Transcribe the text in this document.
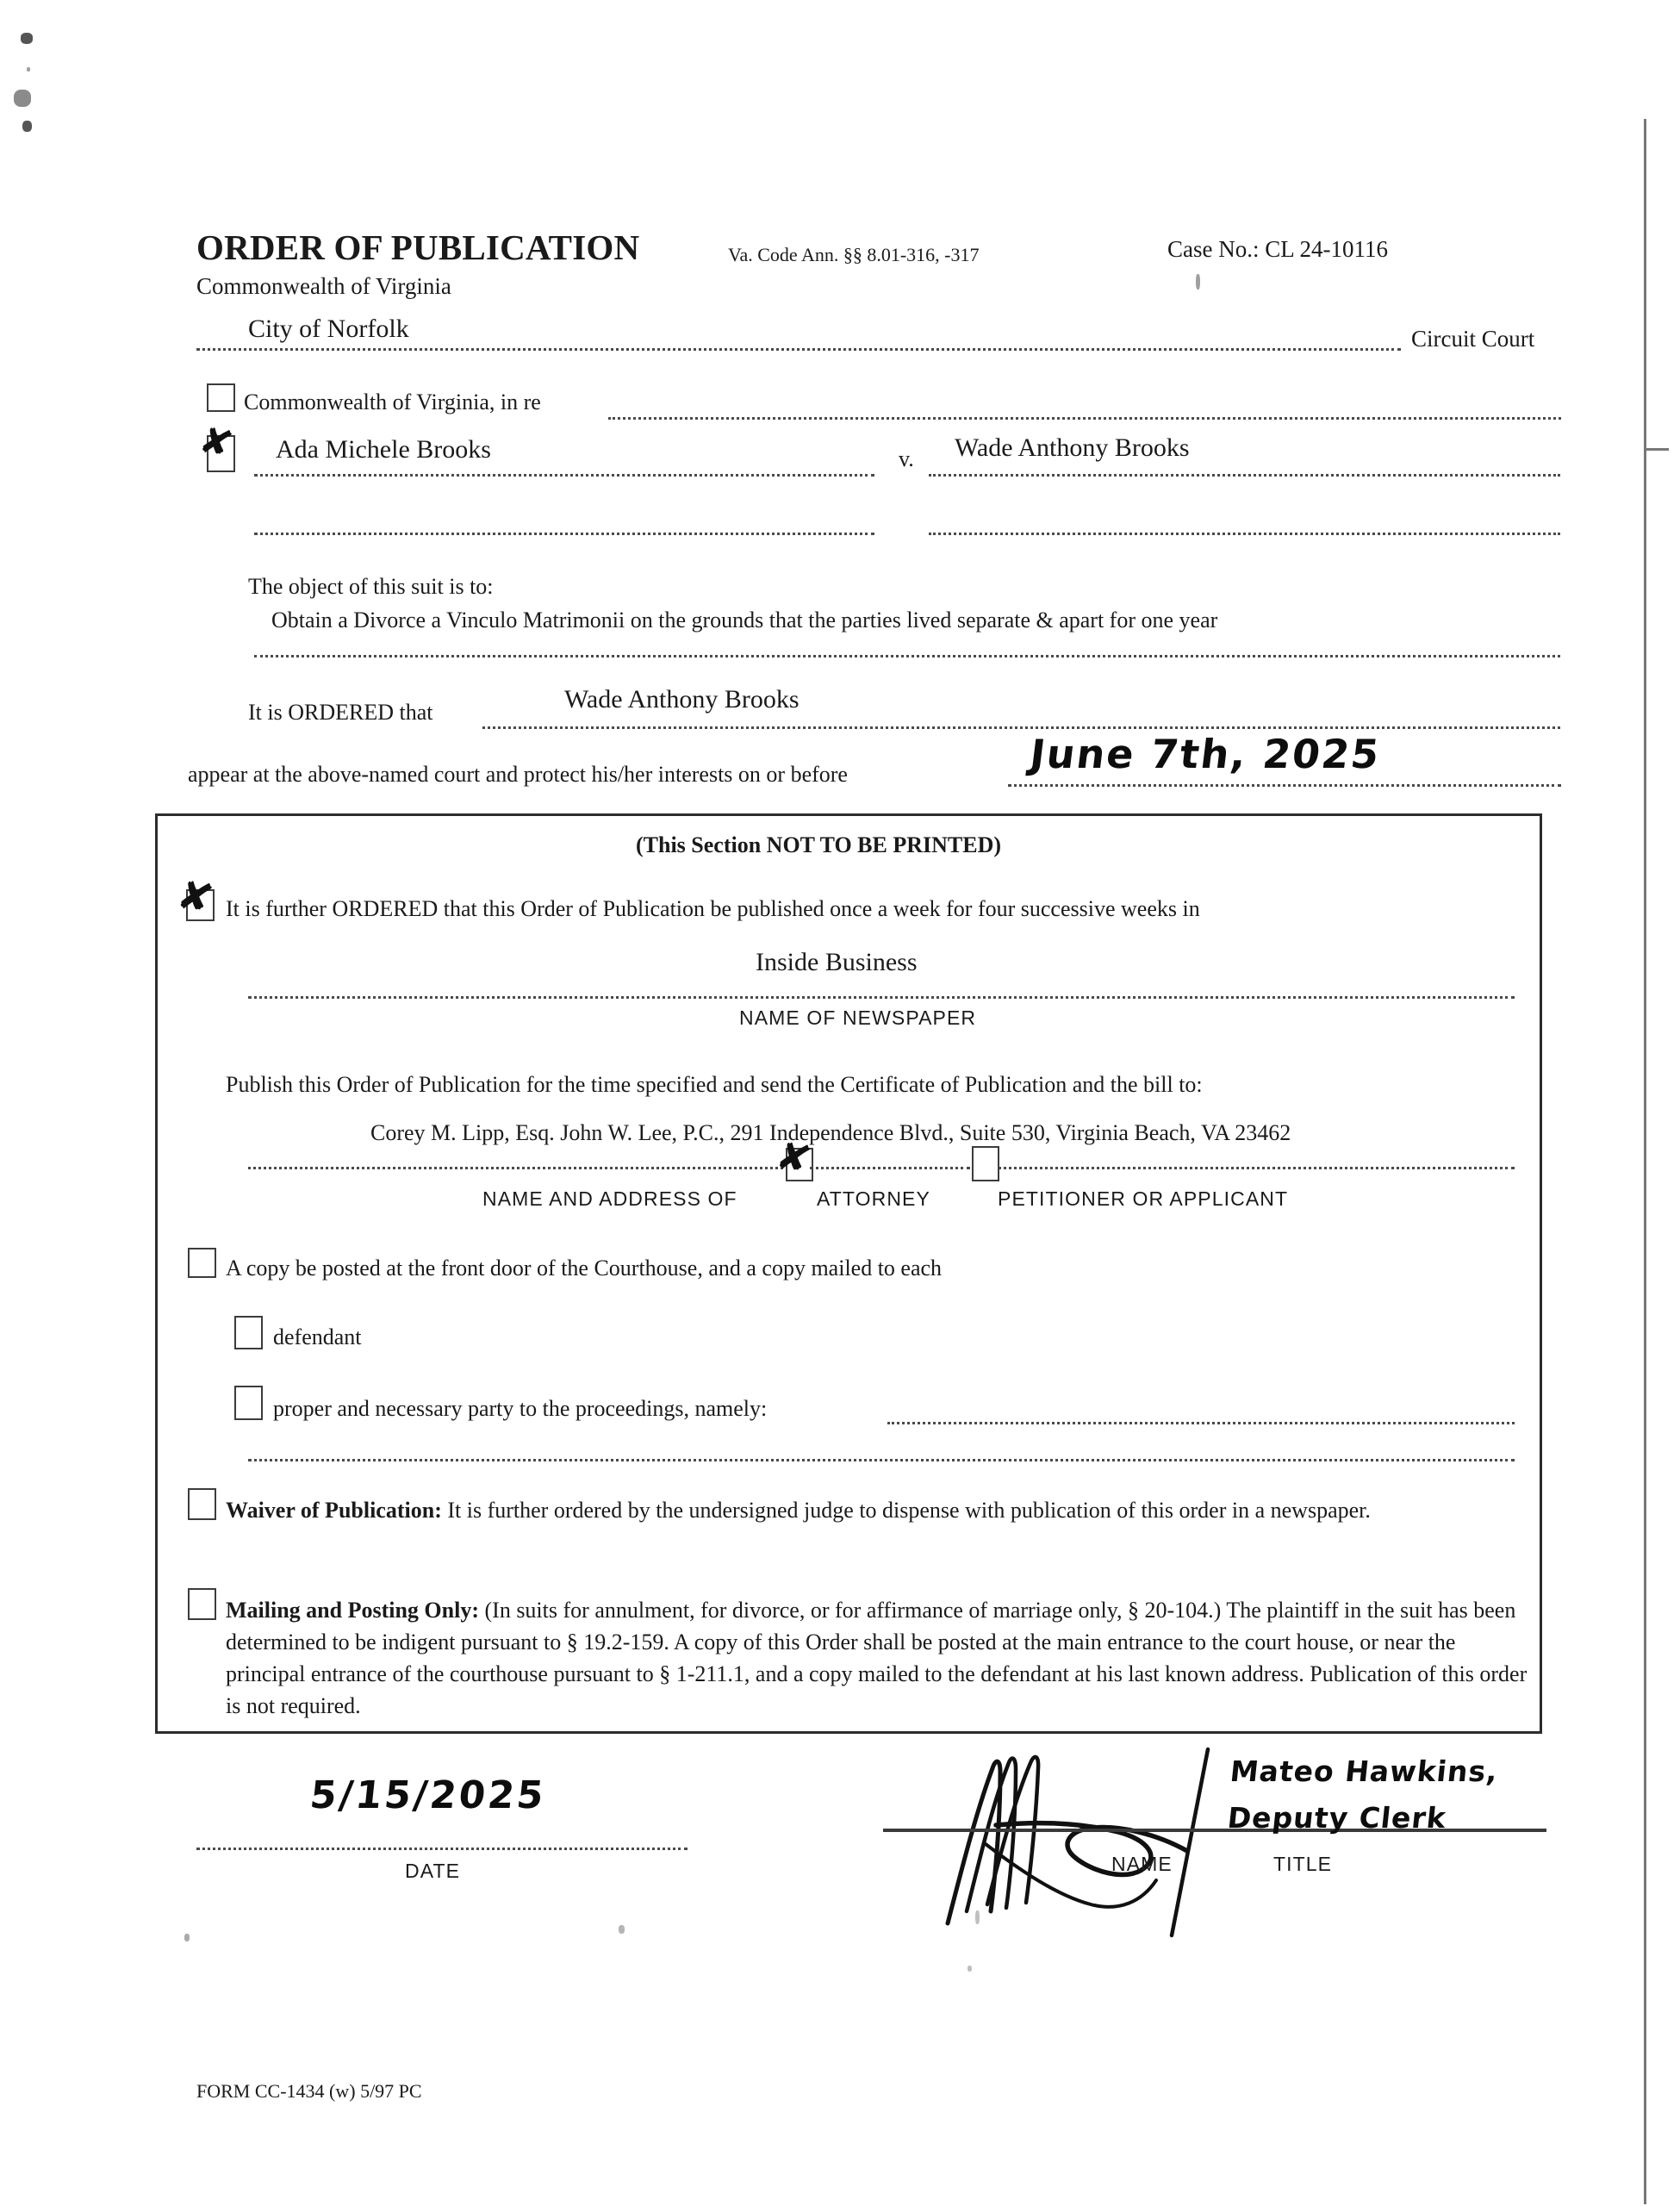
ORDER OF PUBLICATION	Va. Code Ann. §§ 8.01-316, -317	Case No.: CL 24-10116
Commonwealth of Virginia
City of Norfolk	Circuit Court
Commonwealth of Virginia, in re
✘ Ada Michele Brooks	v. Wade Anthony Brooks
The object of this suit is to:
Obtain a Divorce a Vinculo Matrimonii on the grounds that the parties lived separate & apart for one year
It is ORDERED that	Wade Anthony Brooks
appear at the above-named court and protect his/her interests on or before	June 7th, 2025
(This Section NOT TO BE PRINTED)
✘ It is further ORDERED that this Order of Publication be published once a week for four successive weeks in
Inside Business
NAME OF NEWSPAPER
Publish this Order of Publication for the time specified and send the Certificate of Publication and the bill to:
Corey M. Lipp, Esq. John W. Lee, P.C., 291 Independence Blvd., Suite 530, Virginia Beach, VA 23462
NAME AND ADDRESS OF
✘
ATTORNEY	PETITIONER OR APPLICANT
A copy be posted at the front door of the Courthouse, and a copy mailed to each
defendant
proper and necessary party to the proceedings, namely:
Waiver of Publication: It is further ordered by the undersigned judge to dispense with publication of this order in a newspaper.
Mailing and Posting Only: (In suits for annulment, for divorce, or for affirmance of marriage only, § 20-104.) The plaintiff in the suit has been determined to be indigent pursuant to § 19.2-159. A copy of this Order shall be posted at the main entrance to the court house, or near the principal entrance of the courthouse pursuant to § 1-211.1, and a copy mailed to the defendant at his last known address. Publication of this order is not required.
5/15/2025
DATE	NAME	TITLE
Mateo Hawkins,
Deputy Clerk
FORM CC-1434 (w) 5/97 PC
